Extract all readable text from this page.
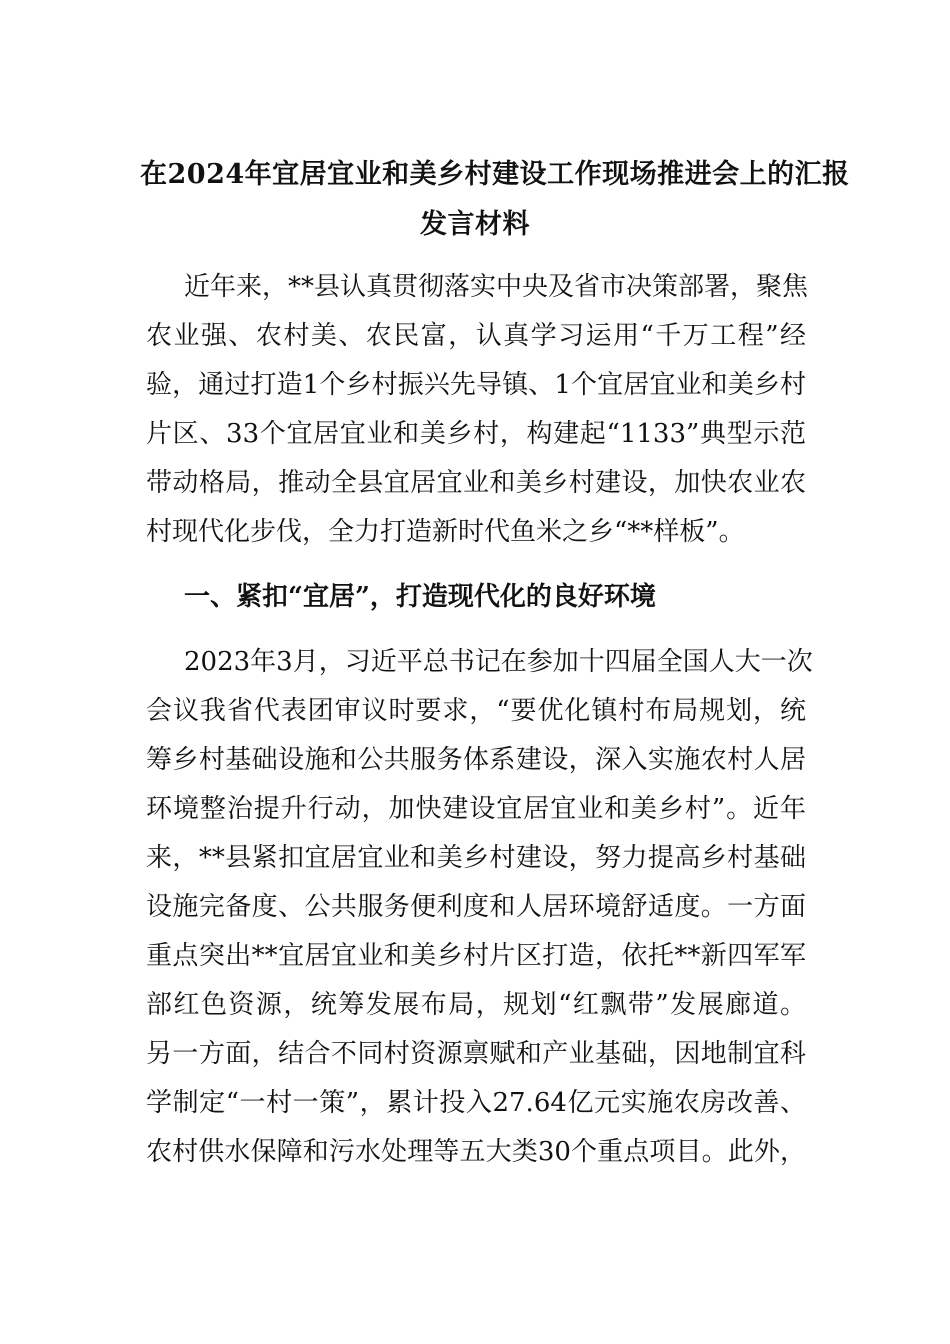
在2024年宜居宜业和美乡村建设工作现场推进会上的汇报
发言材料
近年来，**县认真贯彻落实中央及省市决策部署，聚焦
农业强、农村美、农民富，认真学习运用“千万工程”经
验，通过打造1个乡村振兴先导镇、1个宜居宜业和美乡村
片区、33个宜居宜业和美乡村，构建起“1133”典型示范
带动格局，推动全县宜居宜业和美乡村建设，加快农业农
村现代化步伐，全力打造新时代鱼米之乡“**样板”。
一、紧扣“宜居”，打造现代化的良好环境
2023年3月，习近平总书记在参加十四届全国人大一次
会议我省代表团审议时要求，“要优化镇村布局规划，统
筹乡村基础设施和公共服务体系建设，深入实施农村人居
环境整治提升行动，加快建设宜居宜业和美乡村”。近年
来，**县紧扣宜居宜业和美乡村建设，努力提高乡村基础
设施完备度、公共服务便利度和人居环境舒适度。一方面
重点突出**宜居宜业和美乡村片区打造，依托**新四军军
部红色资源，统筹发展布局，规划“红飘带”发展廊道。
另一方面，结合不同村资源禀赋和产业基础，因地制宜科
学制定“一村一策”，累计投入27.64亿元实施农房改善、
农村供水保障和污水处理等五大类30个重点项目。此外，
